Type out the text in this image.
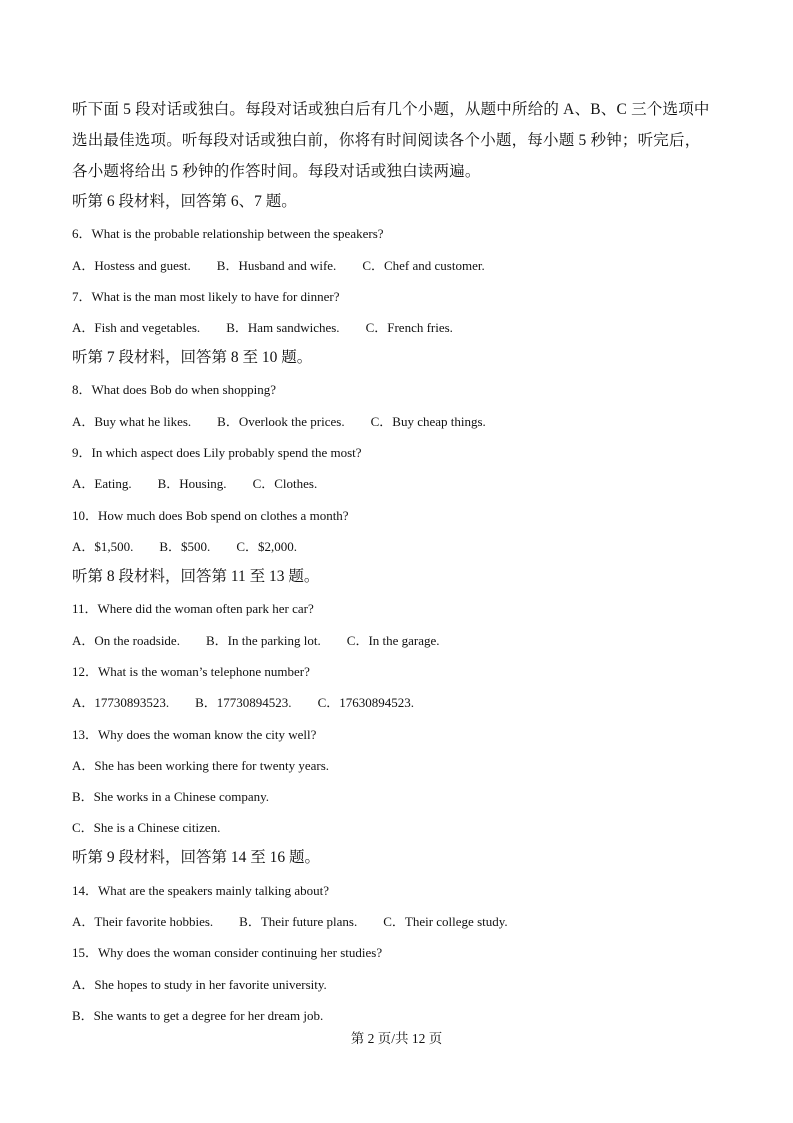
听下面 5 段对话或独白。每段对话或独白后有几个小题，从题中所给的 A、B、C 三个选项中
选出最佳选项。听每段对话或独白前，你将有时间阅读各个小题，每小题 5 秒钟；听完后，
各小题将给出 5 秒钟的作答时间。每段对话或独白读两遍。
听第 6 段材料，回答第 6、7 题。
6．What is the probable relationship between the speakers?
A．Hostess and guest. B．Husband and wife. C．Chef and customer.
7．What is the man most likely to have for dinner?
A．Fish and vegetables. B．Ham sandwiches. C．French fries.
听第 7 段材料，回答第 8 至 10 题。
8．What does Bob do when shopping?
A．Buy what he likes. B．Overlook the prices. C．Buy cheap things.
9．In which aspect does Lily probably spend the most?
A．Eating. B．Housing. C．Clothes.
10．How much does Bob spend on clothes a month?
A．$1,500. B．$500. C．$2,000.
听第 8 段材料，回答第 11 至 13 题。
11．Where did the woman often park her car?
A．On the roadside. B．In the parking lot. C．In the garage.
12．What is the woman’s telephone number?
A．17730893523. B．17730894523. C．17630894523.
13．Why does the woman know the city well?
A．She has been working there for twenty years.
B．She works in a Chinese company.
C．She is a Chinese citizen.
听第 9 段材料，回答第 14 至 16 题。
14．What are the speakers mainly talking about?
A．Their favorite hobbies. B．Their future plans. C．Their college study.
15．Why does the woman consider continuing her studies?
A．She hopes to study in her favorite university.
B．She wants to get a degree for her dream job.
第 2 页/共 12 页
